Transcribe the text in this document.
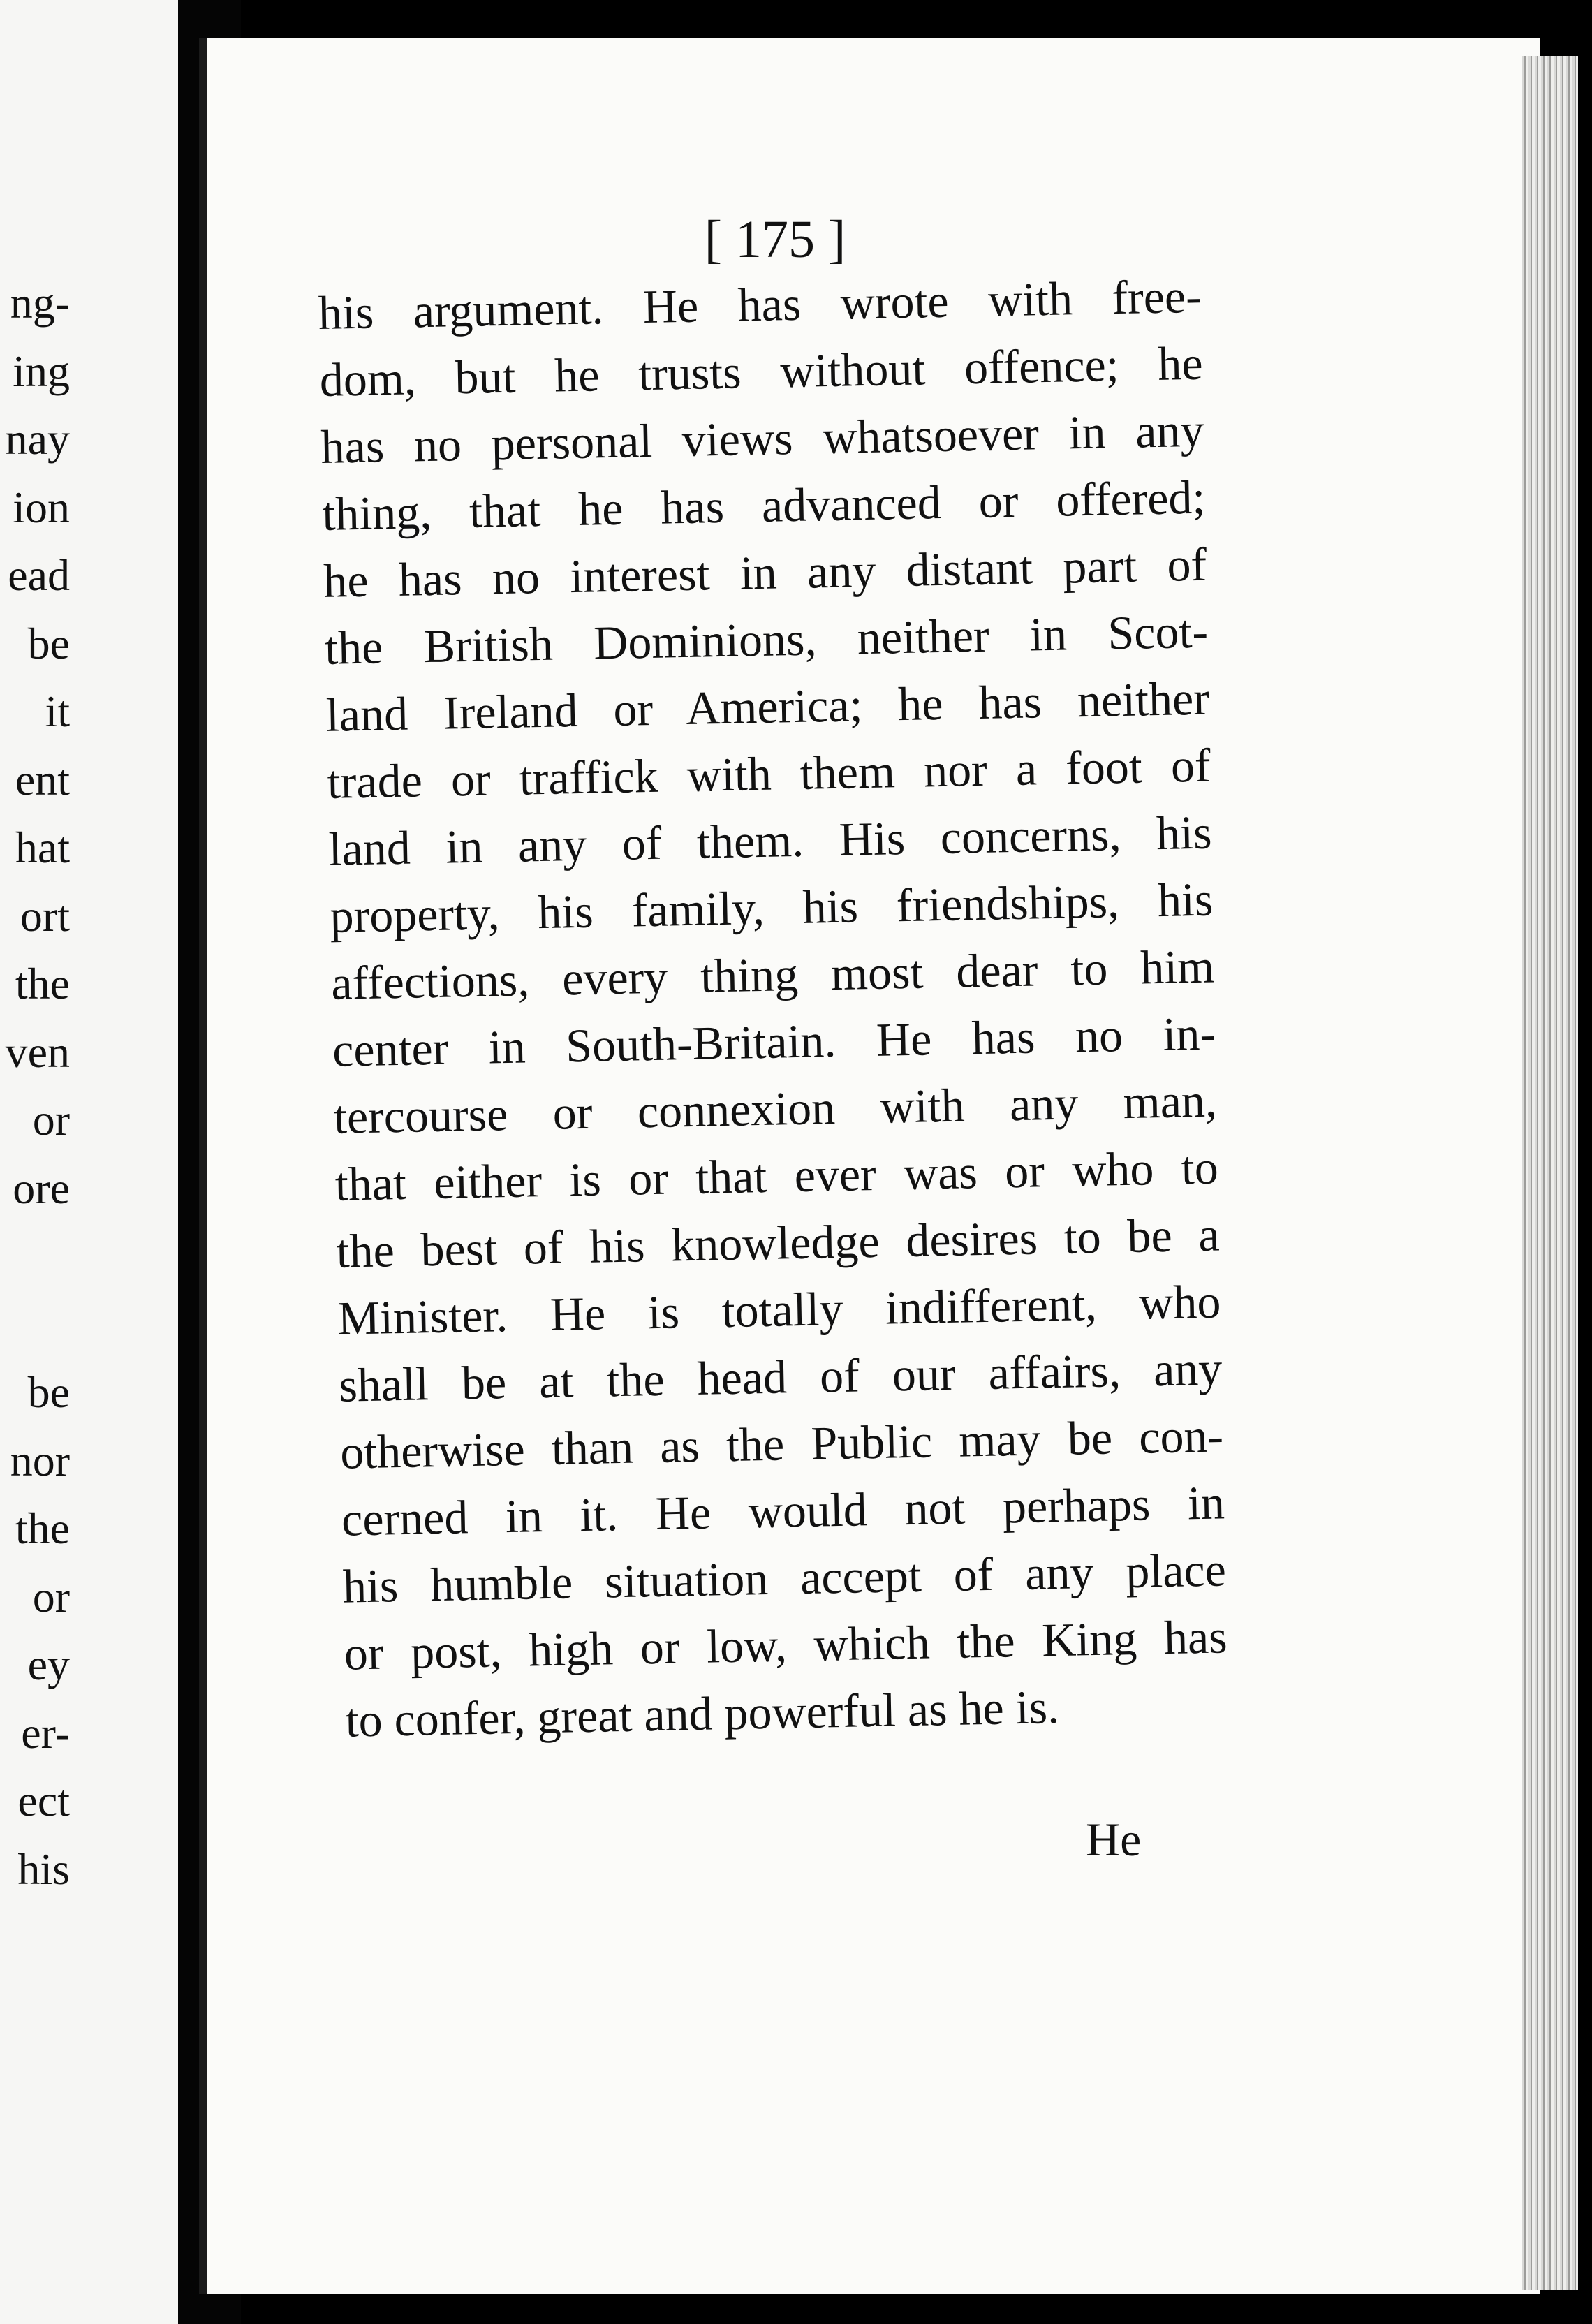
ng-
ing
nay
ion
ead
be
it
ent
hat
ort
the
ven
or
ore
be
nor
the
or
ey
er-
ect
his
[ 175 ]
his argument. He has wrote with free-
dom, but he trusts without offence; he
has no personal views whatsoever in any
thing, that he has advanced or offered;
he has no interest in any distant part of
the British Dominions, neither in Scot-
land Ireland or America; he has neither
trade or traffick with them nor a foot of
land in any of them. His concerns, his
property, his family, his friendships, his
affections, every thing most dear to him
center in South-Britain. He has no in-
tercourse or connexion with any man,
that either is or that ever was or who to
the best of his knowledge desires to be a
Minister. He is totally indifferent, who
shall be at the head of our affairs, any
otherwise than as the Public may be con-
cerned in it. He would not perhaps in
his humble situation accept of any place
or post, high or low, which the King has
to confer, great and powerful as he is.
He
